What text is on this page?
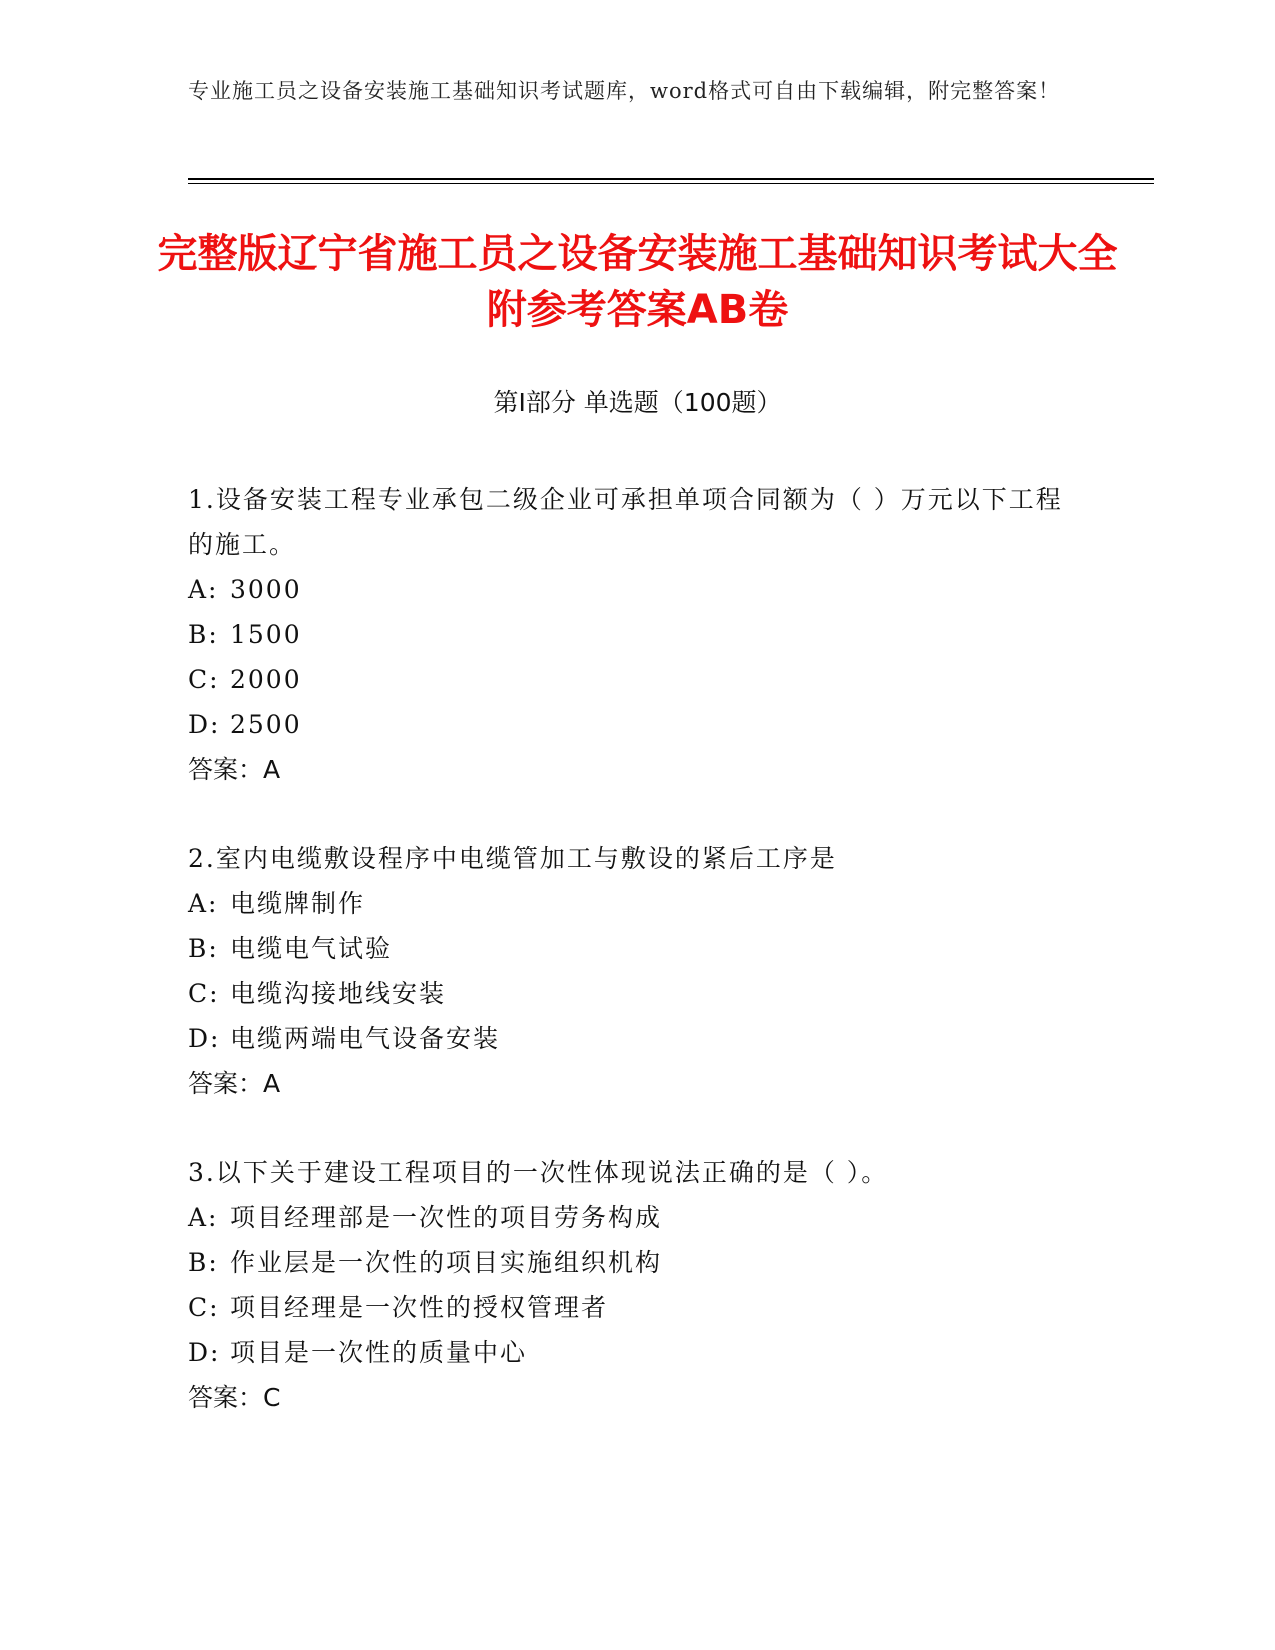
专业施工员之设备安装施工基础知识考试题库，word格式可自由下载编辑，附完整答案！
完整版辽宁省施工员之设备安装施工基础知识考试大全附参考答案AB卷
第Ⅰ部分 单选题（100题）
1.设备安装工程专业承包二级企业可承担单项合同额为（ ）万元以下工程的施工。
A: 3000
B: 1500
C: 2000
D: 2500
答案：A
2.室内电缆敷设程序中电缆管加工与敷设的紧后工序是
A: 电缆牌制作
B: 电缆电气试验
C: 电缆沟接地线安装
D: 电缆两端电气设备安装
答案：A
3.以下关于建设工程项目的一次性体现说法正确的是（ ）。
A: 项目经理部是一次性的项目劳务构成
B: 作业层是一次性的项目实施组织机构
C: 项目经理是一次性的授权管理者
D: 项目是一次性的质量中心
答案：C
